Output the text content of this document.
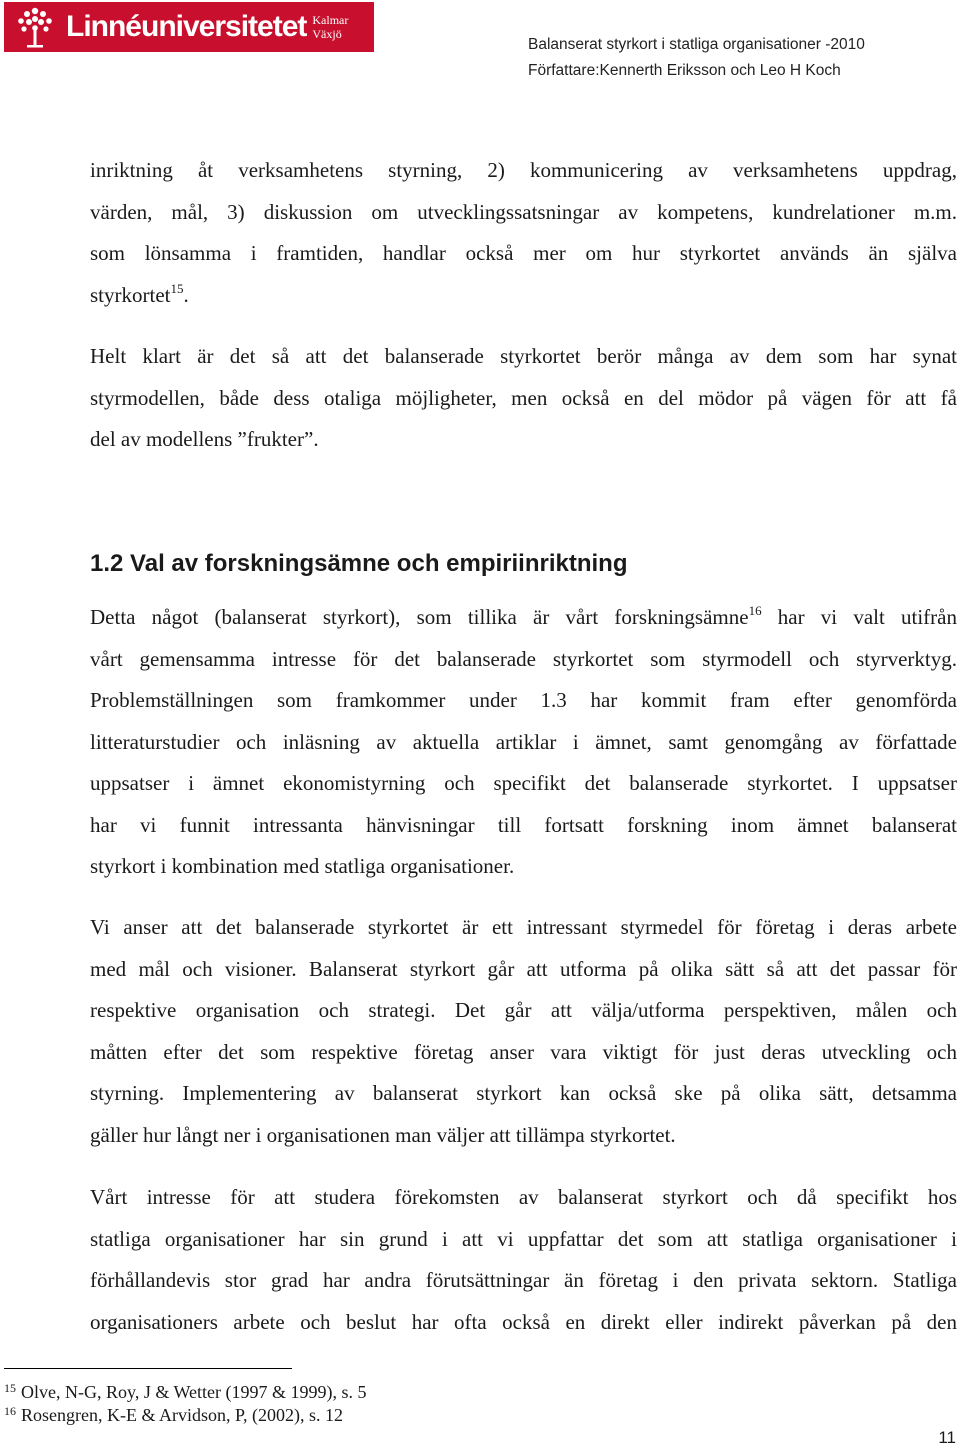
Linnéuniversitetet Kalmar
Växjö
Balanserat styrkort i statliga organisationer -2010
Författare:Kennerth Eriksson och Leo H Koch
inriktning åt verksamhetens styrning, 2) kommunicering av verksamhetens uppdrag,
värden, mål, 3) diskussion om utvecklingssatsningar av kompetens, kundrelationer m.m.
som lönsamma i framtiden, handlar också mer om hur styrkortet används än själva
styrkortet$^{15}$.
Helt klart är det så att det balanserade styrkortet berör många av dem som har synat
styrmodellen, både dess otaliga möjligheter, men också en del mödor på vägen för att få
del av modellens ”frukter”.
1.2 Val av forskningsämne och empiriinriktning
Detta något (balanserat styrkort), som tillika är vårt forskningsämne$^{16}$ har vi valt utifrån
vårt gemensamma intresse för det balanserade styrkortet som styrmodell och styrverktyg.
Problemställningen som framkommer under 1.3 har kommit fram efter genomförda
litteraturstudier och inläsning av aktuella artiklar i ämnet, samt genomgång av författade
uppsatser i ämnet ekonomistyrning och specifikt det balanserade styrkortet. I uppsatser
har vi funnit intressanta hänvisningar till fortsatt forskning inom ämnet balanserat
styrkort i kombination med statliga organisationer.
Vi anser att det balanserade styrkortet är ett intressant styrmedel för företag i deras arbete
med mål och visioner. Balanserat styrkort går att utforma på olika sätt så att det passar för
respektive organisation och strategi. Det går att välja/utforma perspektiven, målen och
måtten efter det som respektive företag anser vara viktigt för just deras utveckling och
styrning. Implementering av balanserat styrkort kan också ske på olika sätt, detsamma
gäller hur långt ner i organisationen man väljer att tillämpa styrkortet.
Vårt intresse för att studera förekomsten av balanserat styrkort och då specifikt hos
statliga organisationer har sin grund i att vi uppfattar det som att statliga organisationer i
förhållandevis stor grad har andra förutsättningar än företag i den privata sektorn. Statliga
organisationers arbete och beslut har ofta också en direkt eller indirekt påverkan på den
$^{15}$ Olve, N-G, Roy, J & Wetter (1997 & 1999), s. 5
$^{16}$ Rosengren, K-E & Arvidson, P, (2002), s. 12
11
